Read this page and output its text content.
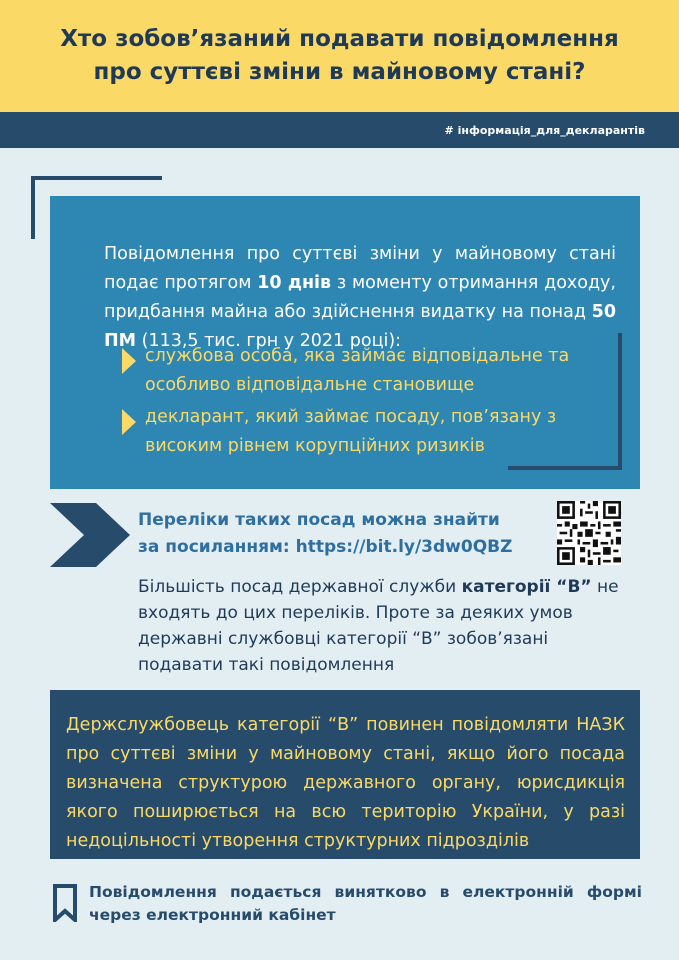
Хто зобов’язаний подавати повідомлення
про суттєві зміни в майновому стані?
# інформація_для_декларантів

Повідомлення про суттєві зміни у майновому стані подає протягом 10 днів з моменту отримання доходу, придбання майна або здійснення видатку на понад 50 ПМ (113,5 тис. грн у 2021 році):

службова особа, яка займає відповідальне та особливо відповідальне становище
декларант, який займає посаду, пов’язану з високим рівнем корупційних ризиків
Переліки таких посад можна знайти
за посиланням: https://bit.ly/3dw0QBZ
Більшість посад державної служби категорії “В” не входять до цих переліків. Проте за деяких умов державні службовці категорії “В” зобов’язані подавати такі повідомлення

Держслужбовець категорії “В” повинен повідомляти НАЗК про суттєві зміни у майновому стані, якщо його посада визначена структурою державного органу, юрисдикція якого поширюється на всю територію України, у разі недоцільності утворення структурних підрозділів

Повідомлення подається винятково в електронній формі через електронний кабінет
